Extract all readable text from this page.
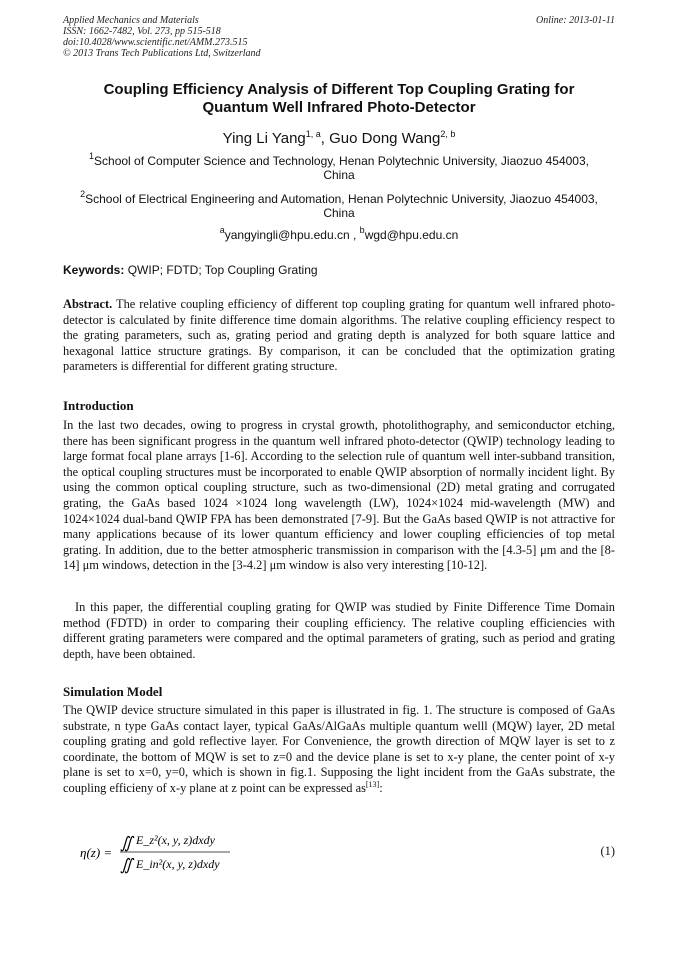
Applied Mechanics and Materials
ISSN: 1662-7482, Vol. 273, pp 515-518
doi:10.4028/www.scientific.net/AMM.273.515
© 2013 Trans Tech Publications Ltd, Switzerland
Online: 2013-01-11
Coupling Efficiency Analysis of Different Top Coupling Grating for
Quantum Well Infrared Photo-Detector
Ying Li Yang$^{1, a}$, Guo Dong Wang$^{2, b}$
$^1$School of Computer Science and Technology, Henan Polytechnic University, Jiaozuo 454003,
China
$^2$School of Electrical Engineering and Automation, Henan Polytechnic University, Jiaozuo 454003,
China
$^a$yangyingli@hpu.edu.cn , $^b$wgd@hpu.edu.cn
Keywords: QWIP; FDTD; Top Coupling Grating
Abstract. The relative coupling efficiency of different top coupling grating for quantum well infrared photo-detector is calculated by finite difference time domain algorithms. The relative coupling efficiency respect to the grating parameters, such as, grating period and grating depth is analyzed for both square lattice and hexagonal lattice structure gratings. By comparison, it can be concluded that the optimization grating parameters is differential for different grating structure.
Introduction
In the last two decades, owing to progress in crystal growth, photolithography, and semiconductor etching, there has been significant progress in the quantum well infrared photo-detector (QWIP) technology leading to large format focal plane arrays [1-6]. According to the selection rule of quantum well inter-subband transition, the optical coupling structures must be incorporated to enable QWIP absorption of normally incident light. By using the common optical coupling structure, such as two-dimensional (2D) metal grating and corrugated grating, the GaAs based 1024 ×1024 long wavelength (LW), 1024×1024 mid-wavelength (MW) and 1024×1024 dual-band QWIP FPA has been demonstrated [7-9]. But the GaAs based QWIP is not attractive for many applications because of its lower quantum efficiency and lower coupling efficiencies of top metal grating. In addition, due to the better atmospheric transmission in comparison with the [4.3-5] μm and the [8-14] μm windows, detection in the [3-4.2] μm window is also very interesting [10-12].
In this paper, the differential coupling grating for QWIP was studied by Finite Difference Time Domain method (FDTD) in order to comparing their coupling efficiency. The relative coupling efficiencies with different grating parameters were compared and the optimal parameters of grating, such as period and grating depth, have been obtained.
Simulation Model
The QWIP device structure simulated in this paper is illustrated in fig. 1. The structure is composed of GaAs substrate, n type GaAs contact layer, typical GaAs/AlGaAs multiple quantum welll (MQW) layer, 2D metal coupling grating and gold reflective layer. For Convenience, the growth direction of MQW layer is set to z coordinate, the bottom of MQW is set to z=0 and the device plane is set to x-y plane, the center point of x-y plane is set to x=0, y=0, which is shown in fig.1. Supposing the light incident from the GaAs substrate, the coupling efficieny of x-y plane at z point can be expressed as[13]:
η(z) =
∬ E_z²(x, y, z)dxdy
∬ E_in²(x, y, z)dxdy
(1)
